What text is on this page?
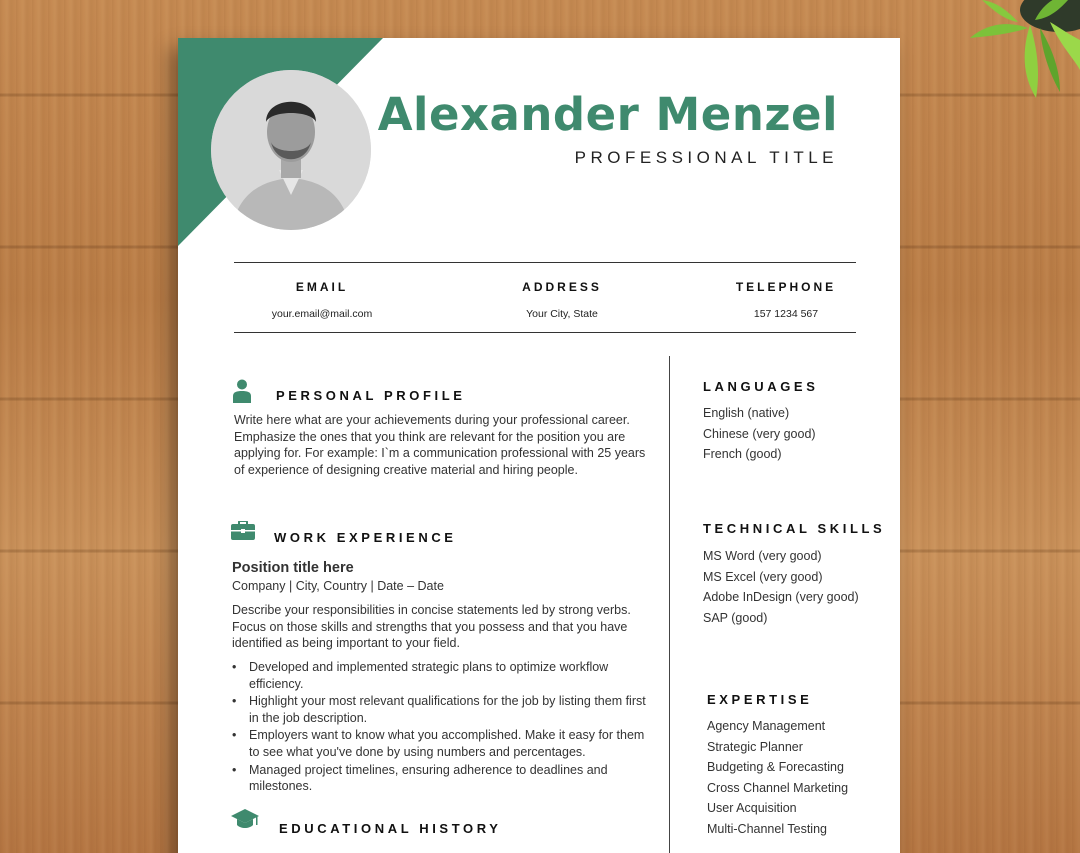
Alexander Menzel
PROFESSIONAL TITLE
EMAIL
your.email@mail.com
ADDRESS
Your City, State
TELEPHONE
157 1234 567
PERSONAL PROFILE
Write here what are your achievements during your professional career. Emphasize the ones that you think are relevant for the position you are applying for. For example: I`m a communication professional with 25 years of experience of designing creative material and hiring people.
WORK EXPERIENCE
Position title here
Company | City, Country | Date – Date
Describe your responsibilities in concise statements led by strong verbs. Focus on those skills and strengths that you possess and that you have identified as being important to your field.
• Developed and implemented strategic plans to optimize workflow efficiency.
• Highlight your most relevant qualifications for the job by listing them first in the job description.
• Employers want to know what you accomplished. Make it easy for them to see what you've done by using numbers and percentages.
• Managed project timelines, ensuring adherence to deadlines and milestones.
EDUCATIONAL HISTORY
LANGUAGES
English (native)
Chinese (very good)
French (good)
TECHNICAL SKILLS
MS Word (very good)
MS Excel (very good)
Adobe InDesign (very good)
SAP (good)
EXPERTISE
Agency Management
Strategic Planner
Budgeting & Forecasting
Cross Channel Marketing
User Acquisition
Multi-Channel Testing
